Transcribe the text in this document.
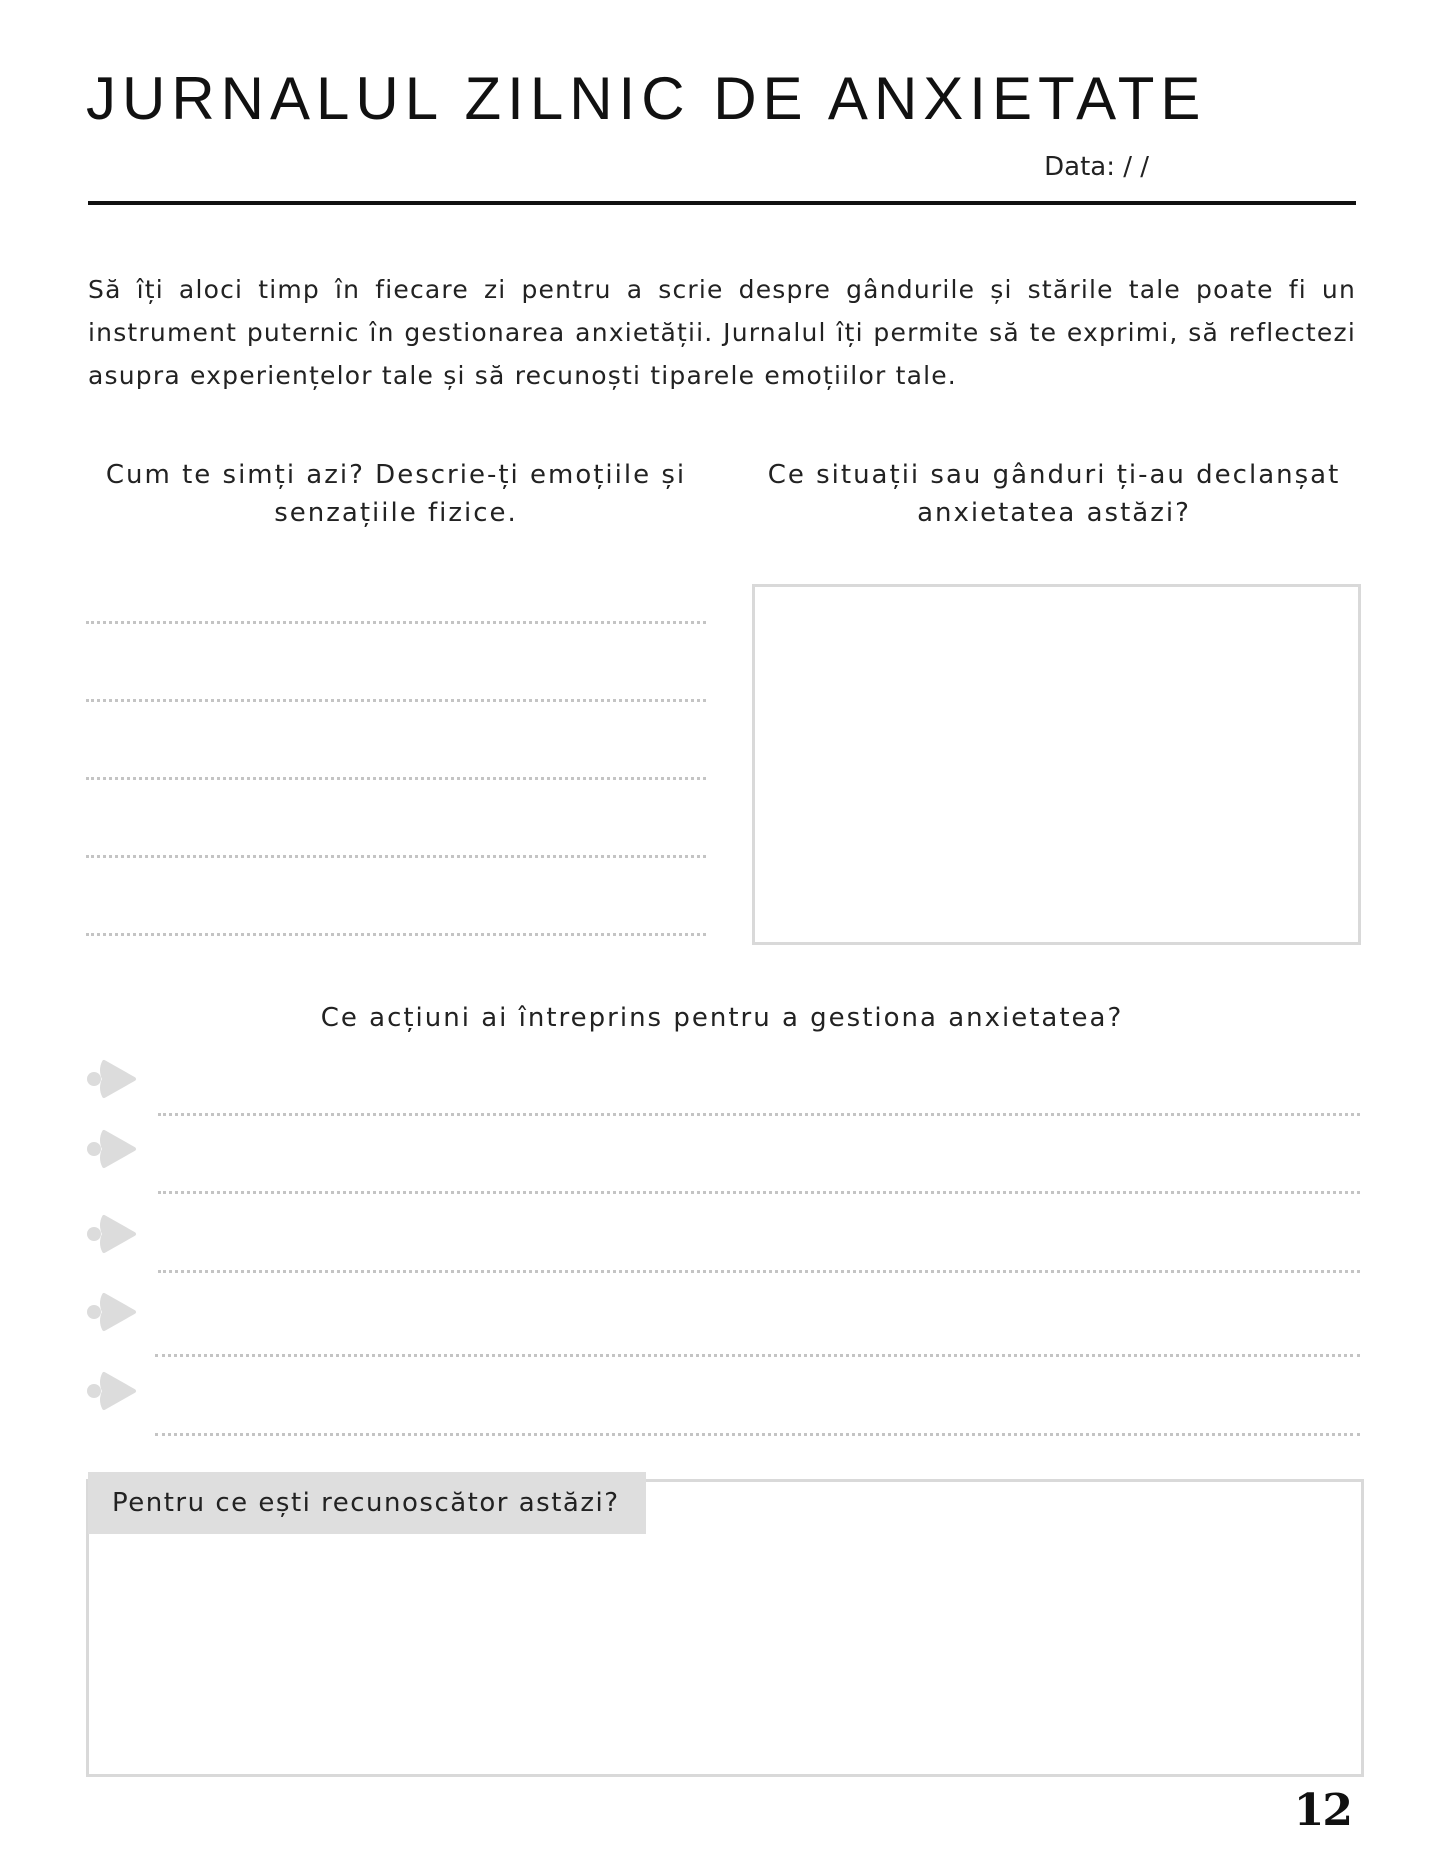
JURNALUL ZILNIC DE ANXIETATE
Data: / /

Să îți aloci timp în fiecare zi pentru a scrie despre gândurile și stările tale poate fi un instrument puternic în gestionarea anxietății. Jurnalul îți permite să te exprimi, să reflectezi asupra experiențelor tale și să recunoști tiparele emoțiilor tale.

Cum te simți azi? Descrie-ți emoțiile și senzațiile fizice.
Ce situații sau gânduri ți-au declanșat anxietatea astăzi?
Ce acțiuni ai întreprins pentru a gestiona anxietatea?
Pentru ce ești recunoscător astăzi?
12
